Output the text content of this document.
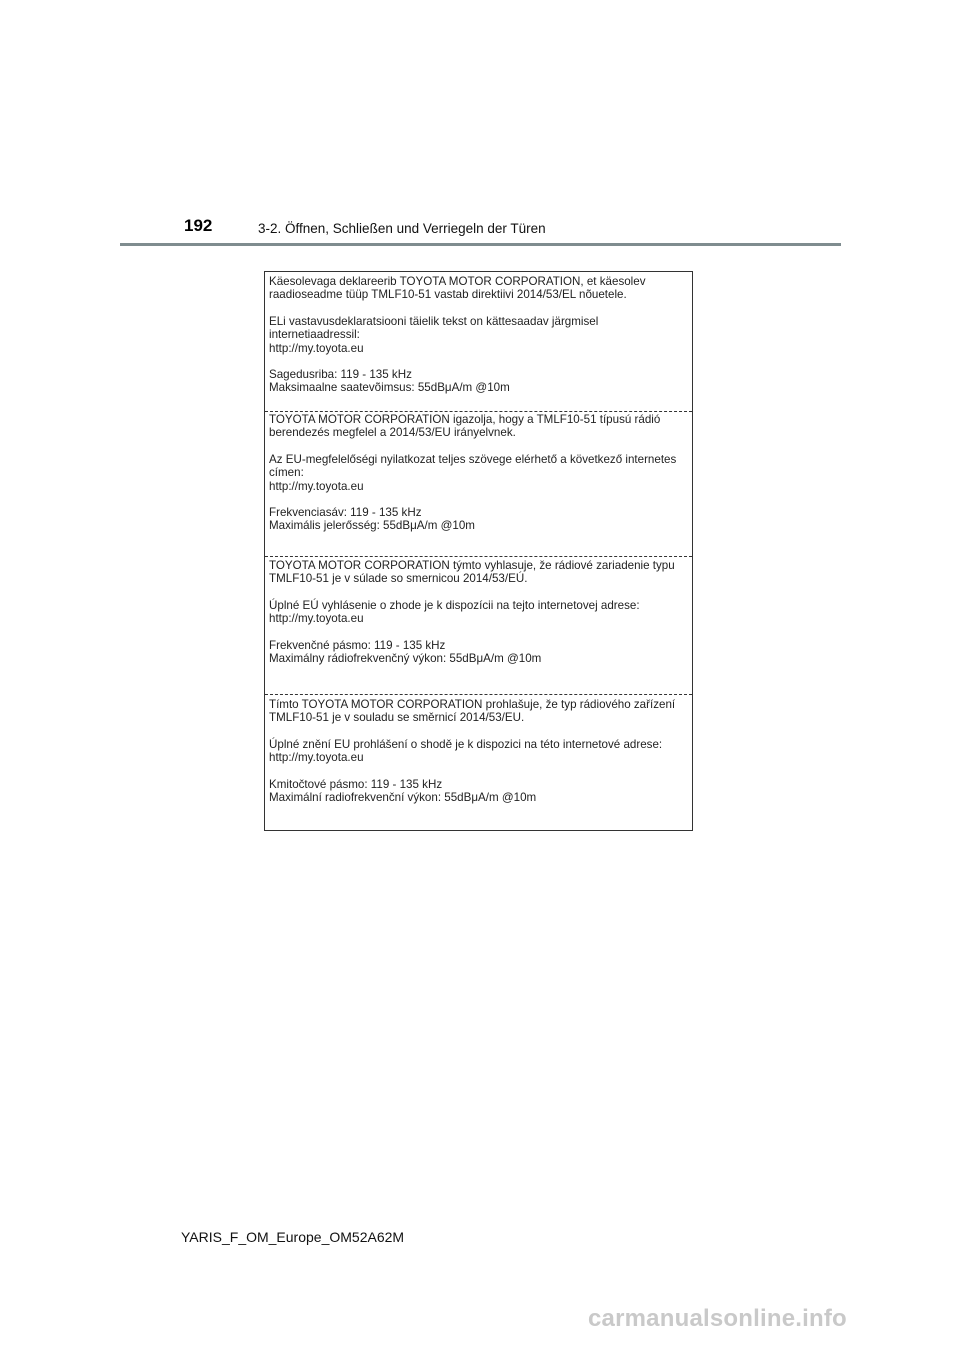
192	3-2. Öffnen, Schließen und Verriegeln der Türen
Käesolevaga deklareerib TOYOTA MOTOR CORPORATION, et käesolev
raadioseadme tüüp TMLF10-51 vastab direktiivi 2014/53/EL nõuetele.
ELi vastavusdeklaratsiooni täielik tekst on kättesaadav järgmisel
internetiaadressil:
http://my.toyota.eu
Sagedusriba: 119 - 135 kHz
Maksimaalne saatevõimsus: 55dBμA/m @10m
TOYOTA MOTOR CORPORATION igazolja, hogy a TMLF10-51 típusú rádió
berendezés megfelel a 2014/53/EU irányelvnek.
Az EU-megfelelőségi nyilatkozat teljes szövege elérhető a következő internetes
címen:
http://my.toyota.eu
Frekvenciasáv: 119 - 135 kHz
Maximális jelerősség: 55dBμA/m @10m
TOYOTA MOTOR CORPORATION týmto vyhlasuje, že rádiové zariadenie typu
TMLF10-51 je v súlade so smernicou 2014/53/EÚ.
Úplné EÚ vyhlásenie o zhode je k dispozícii na tejto internetovej adrese:
http://my.toyota.eu
Frekvenčné pásmo: 119 - 135 kHz
Maximálny rádiofrekvenčný výkon: 55dBμA/m @10m
Tímto TOYOTA MOTOR CORPORATION prohlašuje, že typ rádiového zařízení
TMLF10-51 je v souladu se směrnicí 2014/53/EU.
Úplné znění EU prohlášení o shodě je k dispozici na této internetové adrese:
http://my.toyota.eu
Kmitočtové pásmo: 119 - 135 kHz
Maximální radiofrekvenční výkon: 55dBμA/m @10m
YARIS_F_OM_Europe_OM52A62M
carmanualsonline.info
